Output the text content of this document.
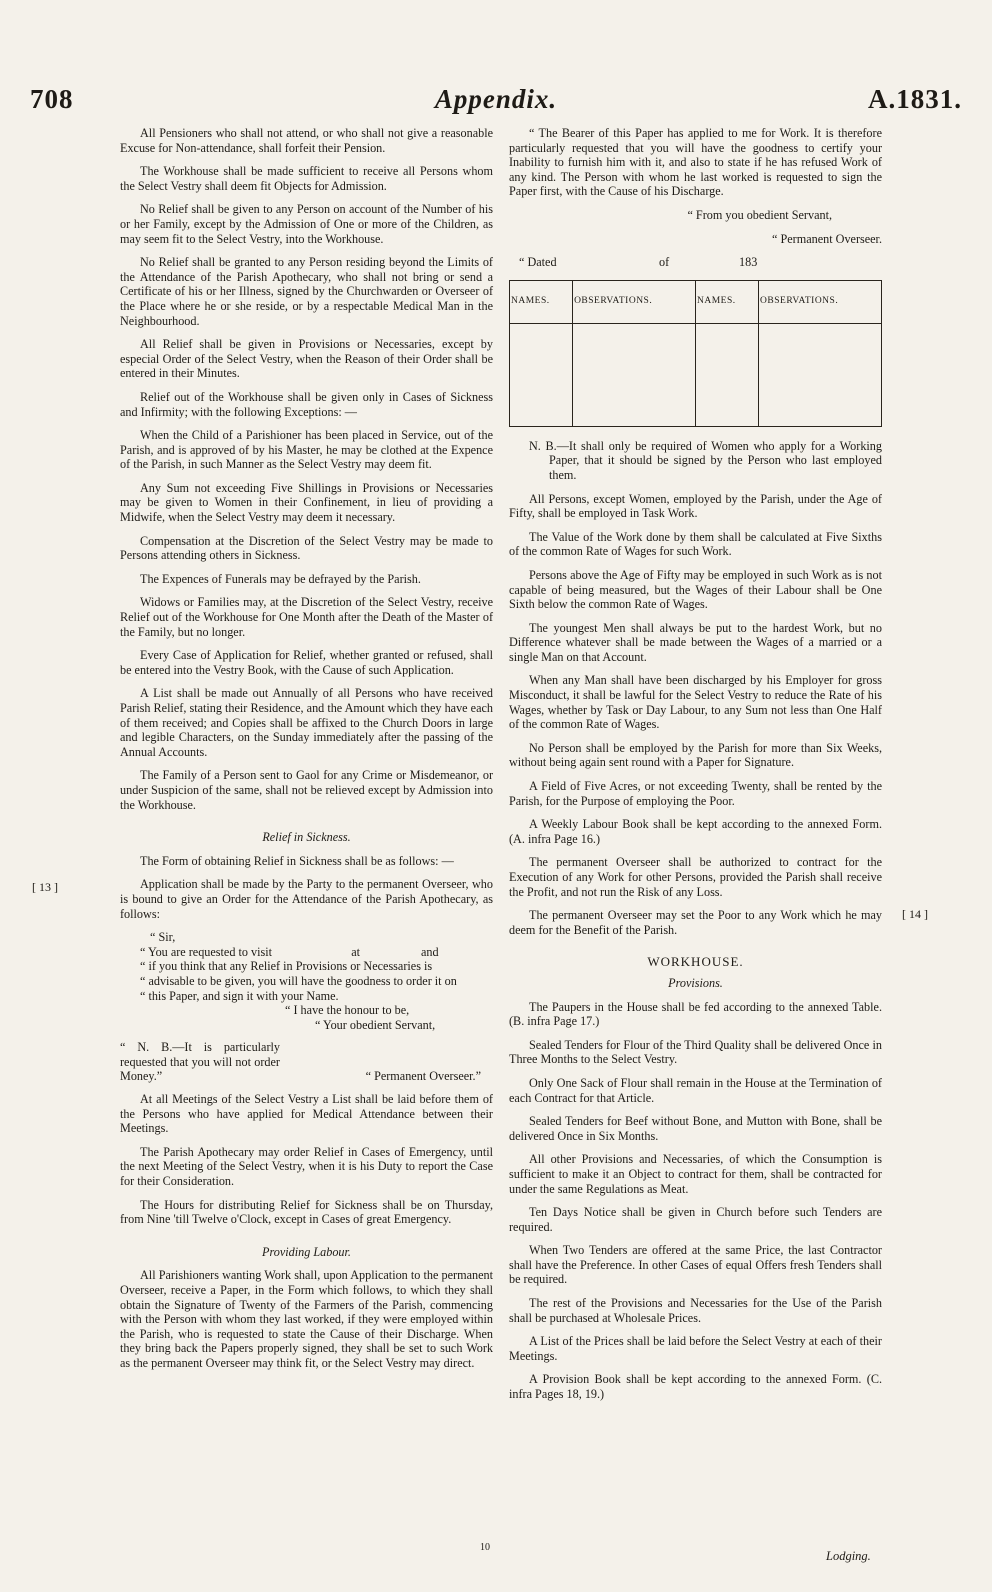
708	Appendix.	A.1831.
[ 13 ]
[ 14 ]

All Pensioners who shall not attend, or who shall not give a reasonable Excuse for Non-attendance, shall forfeit their Pension.

The Workhouse shall be made sufficient to receive all Persons whom the Select Vestry shall deem fit Objects for Admission.

No Relief shall be given to any Person on account of the Number of his or her Family, except by the Admission of One or more of the Children, as may seem fit to the Select Vestry, into the Workhouse.

No Relief shall be granted to any Person residing beyond the Limits of the Attendance of the Parish Apothecary, who shall not bring or send a Certificate of his or her Illness, signed by the Churchwarden or Overseer of the Place where he or she reside, or by a respectable Medical Man in the Neighbourhood.

All Relief shall be given in Provisions or Necessaries, except by especial Order of the Select Vestry, when the Reason of their Order shall be entered in their Minutes.

Relief out of the Workhouse shall be given only in Cases of Sickness and Infirmity; with the following Exceptions: —

When the Child of a Parishioner has been placed in Service, out of the Parish, and is approved of by his Master, he may be clothed at the Expence of the Parish, in such Manner as the Select Vestry may deem fit.

Any Sum not exceeding Five Shillings in Provisions or Necessaries may be given to Women in their Confinement, in lieu of providing a Midwife, when the Select Vestry may deem it necessary.

Compensation at the Discretion of the Select Vestry may be made to Persons attending others in Sickness.

The Expences of Funerals may be defrayed by the Parish.

Widows or Families may, at the Discretion of the Select Vestry, receive Relief out of the Workhouse for One Month after the Death of the Master of the Family, but no longer.

Every Case of Application for Relief, whether granted or refused, shall be entered into the Vestry Book, with the Cause of such Application.

A List shall be made out Annually of all Persons who have received Parish Relief, stating their Residence, and the Amount which they have each of them received; and Copies shall be affixed to the Church Doors in large and legible Characters, on the Sunday immediately after the passing of the Annual Accounts.

The Family of a Person sent to Gaol for any Crime or Misdemeanor, or under Suspicion of the same, shall not be relieved except by Admission into the Workhouse.

Relief in Sickness.

The Form of obtaining Relief in Sickness shall be as follows: —

Application shall be made by the Party to the permanent Overseer, who is bound to give an Order for the Attendance of the Parish Apothecary, as follows:

“ Sir,

“ You are requested to visit                          at                    and

“ if you think that any Relief in Provisions or Necessaries is

“ advisable to be given, you will have the goodness to order it on

“ this Paper, and sign it with your Name.

“ I have the honour to be,

“ Your obedient Servant,

“ N. B.—It is particularly requested that you will not order Money.”	“ Permanent Overseer.”

At all Meetings of the Select Vestry a List shall be laid before them of the Persons who have applied for Medical Attendance between their Meetings.

The Parish Apothecary may order Relief in Cases of Emergency, until the next Meeting of the Select Vestry, when it is his Duty to report the Case for their Consideration.

The Hours for distributing Relief for Sickness shall be on Thursday, from Nine 'till Twelve o'Clock, except in Cases of great Emergency.

Providing Labour.

All Parishioners wanting Work shall, upon Application to the permanent Overseer, receive a Paper, in the Form which follows, to which they shall obtain the Signature of Twenty of the Farmers of the Parish, commencing with the Person with whom they last worked, if they were employed within the Parish, who is requested to state the Cause of their Discharge. When they bring back the Papers properly signed, they shall be set to such Work as the permanent Overseer may think fit, or the Select Vestry may direct.

“ The Bearer of this Paper has applied to me for Work. It is therefore particularly requested that you will have the goodness to certify your Inability to furnish him with it, and also to state if he has refused Work of any kind. The Person with whom he last worked is requested to sign the Paper first, with the Cause of his Discharge.

“ From you obedient Servant,

“ Permanent Overseer.

“ Dated	of	183
NAMES.	OBSERVATIONS.	NAMES.	OBSERVATIONS.

N. B.—It shall only be required of Women who apply for a Working Paper, that it should be signed by the Person who last employed them.

All Persons, except Women, employed by the Parish, under the Age of Fifty, shall be employed in Task Work.

The Value of the Work done by them shall be calculated at Five Sixths of the common Rate of Wages for such Work.

Persons above the Age of Fifty may be employed in such Work as is not capable of being measured, but the Wages of their Labour shall be One Sixth below the common Rate of Wages.

The youngest Men shall always be put to the hardest Work, but no Difference whatever shall be made between the Wages of a married or a single Man on that Account.

When any Man shall have been discharged by his Employer for gross Misconduct, it shall be lawful for the Select Vestry to reduce the Rate of his Wages, whether by Task or Day Labour, to any Sum not less than One Half of the common Rate of Wages.

No Person shall be employed by the Parish for more than Six Weeks, without being again sent round with a Paper for Signature.

A Field of Five Acres, or not exceeding Twenty, shall be rented by the Parish, for the Purpose of employing the Poor.

A Weekly Labour Book shall be kept according to the annexed Form. (A. infra Page 16.)

The permanent Overseer shall be authorized to contract for the Execution of any Work for other Persons, provided the Parish shall receive the Profit, and not run the Risk of any Loss.

The permanent Overseer may set the Poor to any Work which he may deem for the Benefit of the Parish.

WORKHOUSE.

Provisions.

The Paupers in the House shall be fed according to the annexed Table. (B. infra Page 17.)

Sealed Tenders for Flour of the Third Quality shall be delivered Once in Three Months to the Select Vestry.

Only One Sack of Flour shall remain in the House at the Termination of each Contract for that Article.

Sealed Tenders for Beef without Bone, and Mutton with Bone, shall be delivered Once in Six Months.

All other Provisions and Necessaries, of which the Consumption is sufficient to make it an Object to contract for them, shall be contracted for under the same Regulations as Meat.

Ten Days Notice shall be given in Church before such Tenders are required.

When Two Tenders are offered at the same Price, the last Contractor shall have the Preference. In other Cases of equal Offers fresh Tenders shall be required.

The rest of the Provisions and Necessaries for the Use of the Parish shall be purchased at Wholesale Prices.

A List of the Prices shall be laid before the Select Vestry at each of their Meetings.

A Provision Book shall be kept according to the annexed Form. (C. infra Pages 18, 19.)

10
Lodging.
